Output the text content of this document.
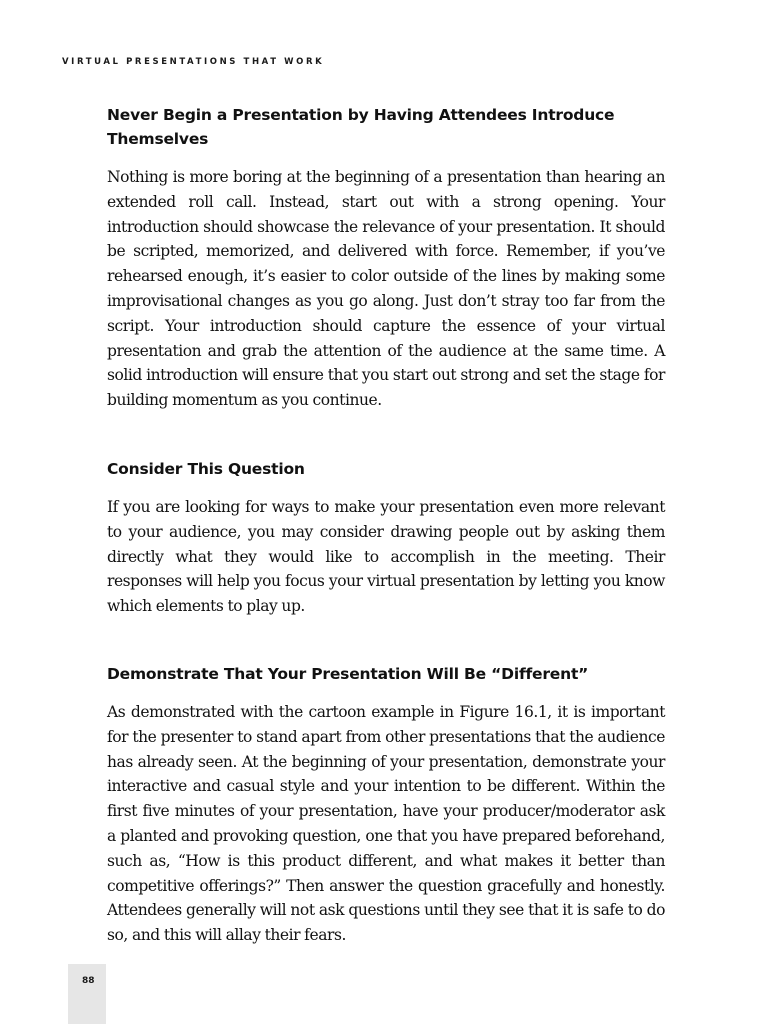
VIRTUAL PRESENTATIONS THAT WORK
Never Begin a Presentation by Having Attendees Introduce Themselves

Nothing is more boring at the beginning of a presentation than hearing an extended roll call. Instead, start out with a strong opening. Your introduction should showcase the relevance of your presentation. It should be scripted, memorized, and delivered with force. Remember, if you’ve rehearsed enough, it’s easier to color outside of the lines by making some improvisational changes as you go along. Just don’t stray too far from the script. Your introduction should capture the essence of your virtual presentation and grab the attention of the audience at the same time. A solid introduction will ensure that you start out strong and set the stage for building momentum as you continue.

Consider This Question

If you are looking for ways to make your presentation even more relevant to your audience, you may consider drawing people out by asking them directly what they would like to accomplish in the meeting. Their responses will help you focus your virtual presentation by letting you know which elements to play up.

Demonstrate That Your Presentation Will Be “Different”

As demonstrated with the cartoon example in Figure 16.1, it is important for the presenter to stand apart from other presentations that the audience has already seen. At the beginning of your presentation, demonstrate your interactive and casual style and your intention to be different. Within the first five minutes of your presentation, have your producer/moderator ask a planted and provoking question, one that you have prepared beforehand, such as, “How is this product different, and what makes it better than competitive offerings?” Then answer the question gracefully and honestly. Attendees generally will not ask questions until they see that it is safe to do so, and this will allay their fears.

88
